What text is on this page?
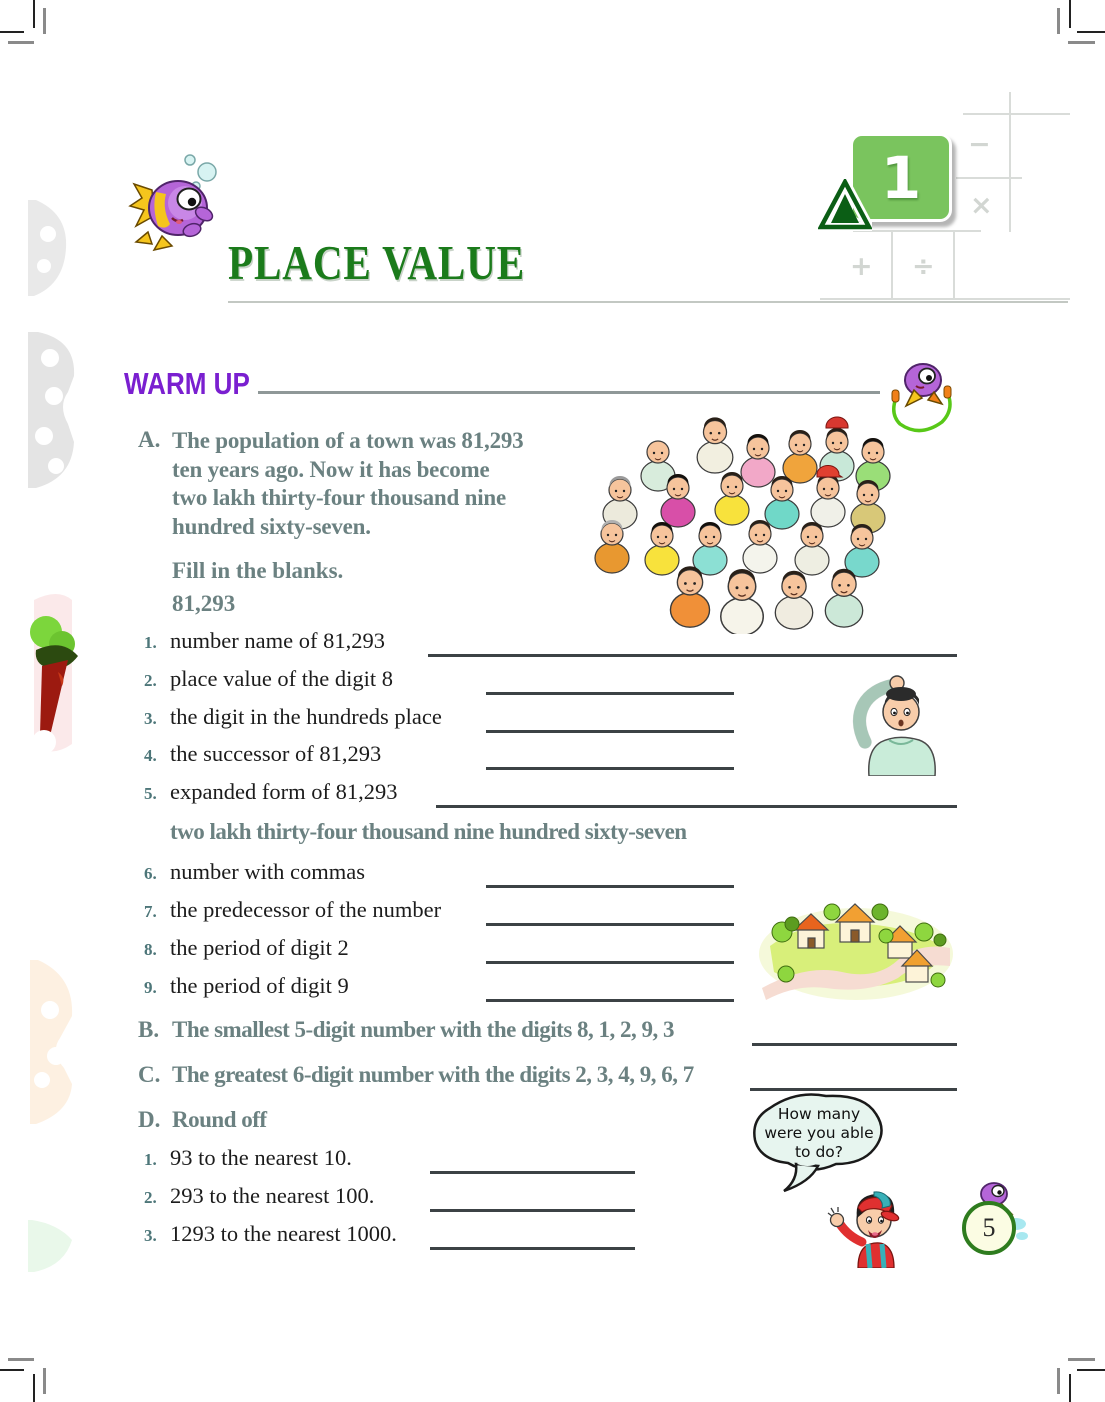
1 −
×
+ ÷
PLACE VALUE
WARM UP
A. The population of a town was 81,293
ten years ago. Now it has become
two lakh thirty-four thousand nine
hundred sixty-seven.
Fill in the blanks.
81,293
1. number name of 81,293
2. place value of the digit 8
3. the digit in the hundreds place
4. the successor of 81,293
5. expanded form of 81,293
two lakh thirty-four thousand nine hundred sixty-seven
6. number with commas
7. the predecessor of the number
8. the period of digit 2
9. the period of digit 9
B. The smallest 5-digit number with the digits 8, 1, 2, 9, 3
C. The greatest 6-digit number with the digits 2, 3, 4, 9, 6, 7
D. Round off
1. 93 to the nearest 10.
2. 293 to the nearest 100.
3. 1293 to the nearest 1000.
How many
were you able
to do?
5
